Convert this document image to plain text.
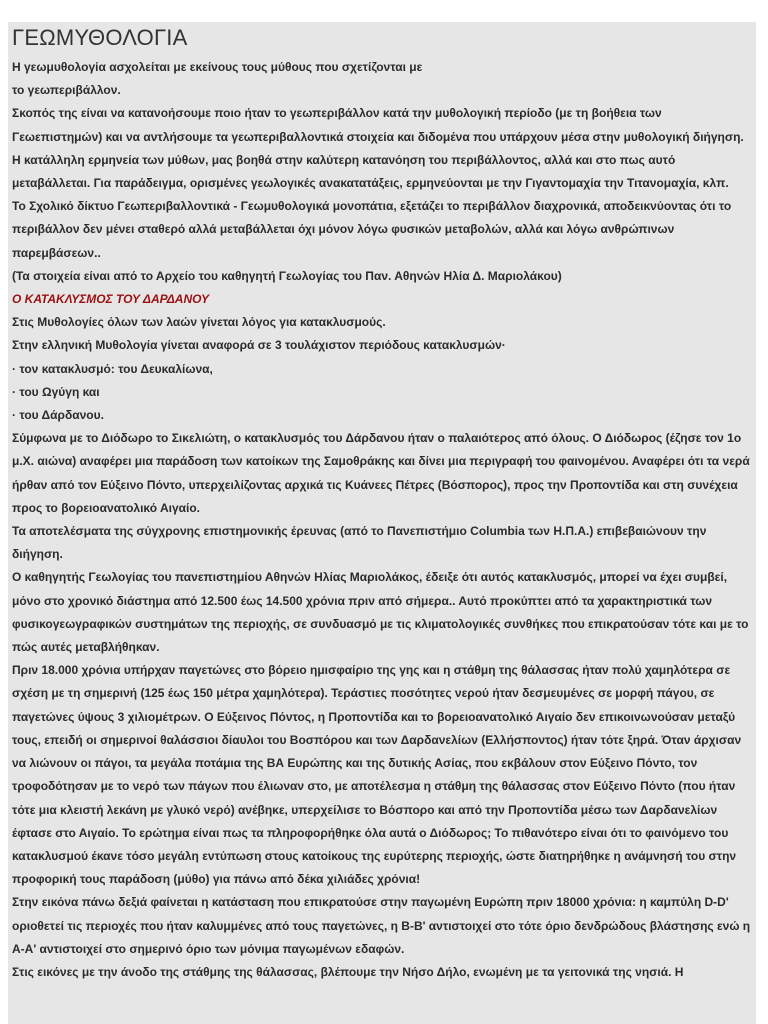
ΓΕΩΜΥΘΟΛΟΓΙΑ
Η γεωμυθολογία ασχολείται με εκείνους τους μύθους που σχετίζονται με
το γεωπεριβάλλον.
Σκοπός της είναι να κατανοήσουμε ποιο ήταν το γεωπεριβάλλον κατά την μυθολογική περίοδο (με τη βοήθεια των Γεωεπιστημών) και να αντλήσουμε τα γεωπεριβαλλοντικά στοιχεία και διδομένα που υπάρχουν μέσα στην μυθολογική διήγηση. Η κατάλληλη ερμηνεία των μύθων, μας βοηθά στην καλύτερη κατανόηση του περιβάλλοντος, αλλά και στο πως αυτό μεταβάλλεται. Για παράδειγμα, ορισμένες γεωλογικές ανακατατάξεις, ερμηνεύονται με την Γιγαντομαχία την Τιτανομαχία, κλπ.
Το Σχολικό δίκτυο Γεωπεριβαλλοντικά - Γεωμυθολογικά μονοπάτια, εξετάζει το περιβάλλον διαχρονικά, αποδεικνύοντας ότι το περιβάλλον δεν μένει σταθερό αλλά μεταβάλλεται όχι μόνον λόγω φυσικών μεταβολών, αλλά και λόγω ανθρώπινων παρεμβάσεων..
(Τα στοιχεία είναι από το Αρχείο του καθηγητή Γεωλογίας του Παν. Αθηνών Ηλία Δ. Μαριολάκου)
Ο ΚΑΤΑΚΛΥΣΜΟΣ ΤΟΥ ΔΑΡΔΑΝΟΥ
Στις Μυθολογίες όλων των λαών γίνεται λόγος για κατακλυσμούς.
Στην ελληνική Μυθολογία γίνεται αναφορά σε 3 τουλάχιστον περιόδους κατακλυσμών·
· τον κατακλυσμό: του Δευκαλίωνα,
· του Ωγύγη και
· του Δάρδανου.
Σύμφωνα με το Διόδωρο το Σικελιώτη, ο κατακλυσμός του Δάρδανου ήταν ο παλαιότερος από όλους. Ο Διόδωρος (έζησε τον 1ο μ.Χ. αιώνα) αναφέρει μια παράδοση των κατοίκων της Σαμοθράκης και δίνει μια περιγραφή του φαινομένου. Αναφέρει ότι τα νερά ήρθαν από τον Εύξεινο Πόντο, υπερχειλίζοντας αρχικά τις Κυάνεες Πέτρες (Βόσπορος), προς την Προποντίδα και στη συνέχεια προς το βορειοανατολικό Αιγαίο.
Τα αποτελέσματα της σύγχρονης επιστημονικής έρευνας (από το Πανεπιστήμιο Columbia των Η.Π.Α.) επιβεβαιώνουν την διήγηση.
Ο καθηγητής Γεωλογίας του πανεπιστημίου Αθηνών Ηλίας Μαριολάκος, έδειξε ότι αυτός κατακλυσμός, μπορεί να έχει συμβεί, μόνο στο χρονικό διάστημα από 12.500 έως 14.500 χρόνια πριν από σήμερα.. Αυτό προκύπτει από τα χαρακτηριστικά των φυσικογεωγραφικών συστημάτων της περιοχής, σε συνδυασμό με τις κλιματολογικές συνθήκες που επικρατούσαν τότε και με το πώς αυτές μεταβλήθηκαν.
Πριν 18.000 χρόνια υπήρχαν παγετώνες στο βόρειο ημισφαίριο της γης και η στάθμη της θάλασσας ήταν πολύ χαμηλότερα σε σχέση με τη σημερινή (125 έως 150 μέτρα χαμηλότερα). Τεράστιες ποσότητες νερού ήταν δεσμευμένες σε μορφή πάγου, σε παγετώνες ύψους 3 χιλιομέτρων. Ο Εύξεινος Πόντος, η Προποντίδα και το βορειοανατολικό Αιγαίο δεν επικοινωνούσαν μεταξύ τους, επειδή οι σημερινοί θαλάσσιοι δίαυλοι του Βοσπόρου και των Δαρδανελίων (Ελλήσποντος) ήταν τότε ξηρά. Όταν άρχισαν να λιώνουν οι πάγοι, τα μεγάλα ποτάμια της ΒΑ Ευρώπης και της δυτικής Ασίας, που εκβάλουν στον Εύξεινο Πόντο, τον τροφοδότησαν με το νερό των πάγων που έλιωναν στο, με αποτέλεσμα η στάθμη της θάλασσας στον Εύξεινο Πόντο (που ήταν τότε μια κλειστή λεκάνη με γλυκό νερό) ανέβηκε, υπερχείλισε το Βόσπορο και από την Προποντίδα μέσω των Δαρδανελίων έφτασε στο Αιγαίο. Το ερώτημα είναι πως τα πληροφορήθηκε όλα αυτά ο Διόδωρος; Το πιθανότερο είναι ότι το φαινόμενο του κατακλυσμού έκανε τόσο μεγάλη εντύπωση στους κατοίκους της ευρύτερης περιοχής, ώστε διατηρήθηκε η ανάμνησή του στην προφορική τους παράδοση (μύθο) για πάνω από δέκα χιλιάδες χρόνια!
Στην εικόνα πάνω δεξιά φαίνεται η κατάσταση που επικρατούσε στην παγωμένη Ευρώπη πριν 18000 χρόνια: η καμπύλη D-D' οριοθετεί τις περιοχές που ήταν καλυμμένες από τους παγετώνες, η B-B' αντιστοιχεί στο τότε όριο δενδρώδους βλάστησης ενώ η A-A' αντιστοιχεί στο σημερινό όριο των μόνιμα παγωμένων εδαφών.
Στις εικόνες με την άνοδο της στάθμης της θάλασσας, βλέπουμε την Νήσο Δήλο, ενωμένη με τα γειτονικά της νησιά. Η
